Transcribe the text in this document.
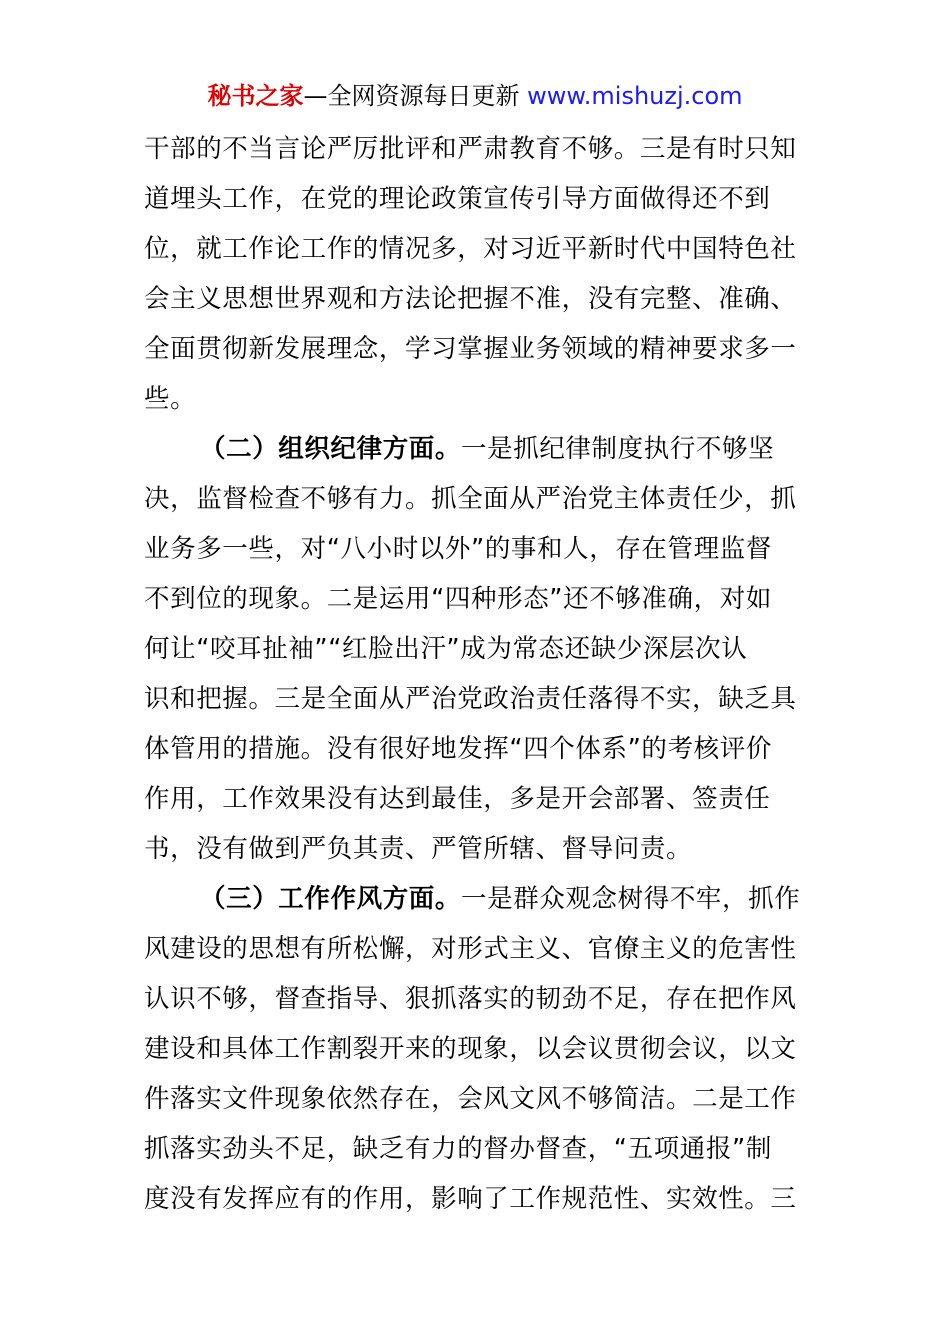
秘书之家—全网资源每日更新 www.mishuzj.com
干部的不当言论严厉批评和严肃教育不够。三是有时只知
道埋头工作，在党的理论政策宣传引导方面做得还不到
位，就工作论工作的情况多，对习近平新时代中国特色社
会主义思想世界观和方法论把握不准，没有完整、准确、
全面贯彻新发展理念，学习掌握业务领域的精神要求多一
些。
（二）组织纪律方面。一是抓纪律制度执行不够坚
决，监督检查不够有力。抓全面从严治党主体责任少，抓
业务多一些，对“八小时以外”的事和人，存在管理监督
不到位的现象。二是运用“四种形态”还不够准确，对如
何让“咬耳扯袖”“红脸出汗”成为常态还缺少深层次认
识和把握。三是全面从严治党政治责任落得不实，缺乏具
体管用的措施。没有很好地发挥“四个体系”的考核评价
作用，工作效果没有达到最佳，多是开会部署、签责任
书，没有做到严负其责、严管所辖、督导问责。
（三）工作作风方面。一是群众观念树得不牢，抓作
风建设的思想有所松懈，对形式主义、官僚主义的危害性
认识不够，督查指导、狠抓落实的韧劲不足，存在把作风
建设和具体工作割裂开来的现象，以会议贯彻会议，以文
件落实文件现象依然存在，会风文风不够简洁。二是工作
抓落实劲头不足，缺乏有力的督办督查，“五项通报”制
度没有发挥应有的作用，影响了工作规范性、实效性。三
